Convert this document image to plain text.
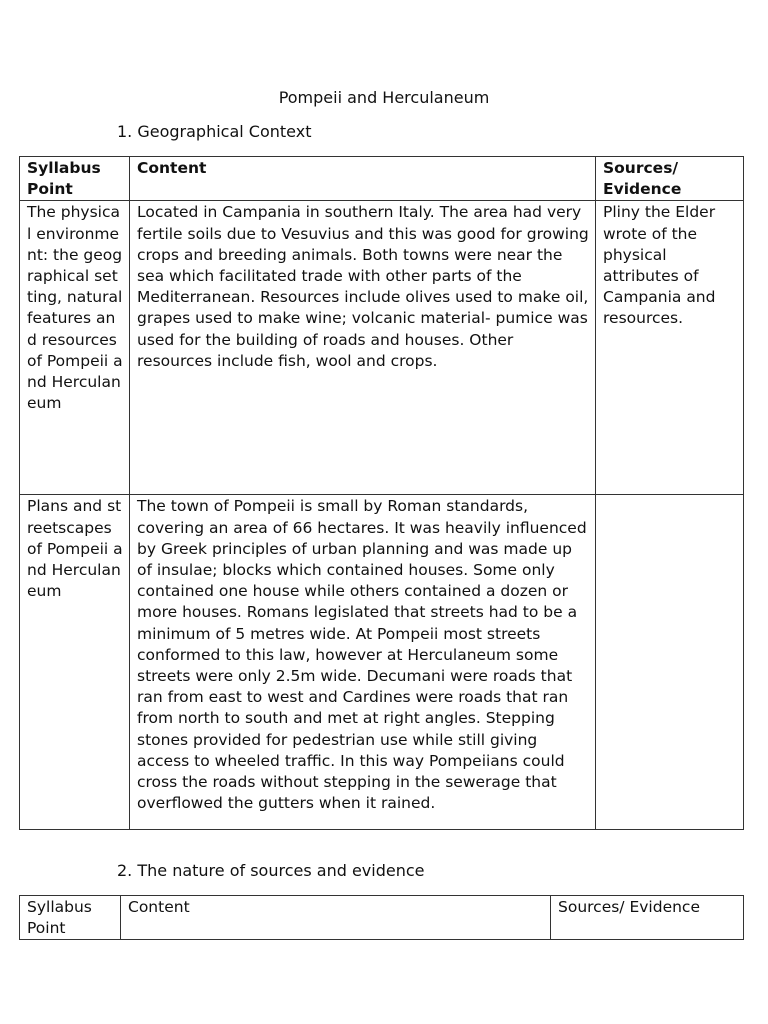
Pompeii and Herculaneum
1. Geographical Context
Syllabus Point	Content	Sources/ Evidence
The physical environment: the geographical setting, natural features and resources of Pompeii and Herculaneum	Located in Campania in southern Italy. The area had very fertile soils due to Vesuvius and this was good for growing crops and breeding animals. Both towns were near the sea which facilitated trade with other parts of the Mediterranean. Resources include olives used to make oil, grapes used to make wine; volcanic material- pumice was used for the building of roads and houses. Other resources include fish, wool and crops.	Pliny the Elder wrote of the physical attributes of Campania and resources.
Plans and streetscapes of Pompeii and Herculaneum	The town of Pompeii is small by Roman standards, covering an area of 66 hectares. It was heavily influenced by Greek principles of urban planning and was made up of insulae; blocks which contained houses. Some only contained one house while others contained a dozen or more houses. Romans legislated that streets had to be a minimum of 5 metres wide. At Pompeii most streets conformed to this law, however at Herculaneum some streets were only 2.5m wide. Decumani were roads that ran from east to west and Cardines were roads that ran from north to south and met at right angles. Stepping stones provided for pedestrian use while still giving access to wheeled traffic. In this way Pompeiians could cross the roads without stepping in the sewerage that overflowed the gutters when it rained.	
2. The nature of sources and evidence
Syllabus Point	Content	Sources/ Evidence
